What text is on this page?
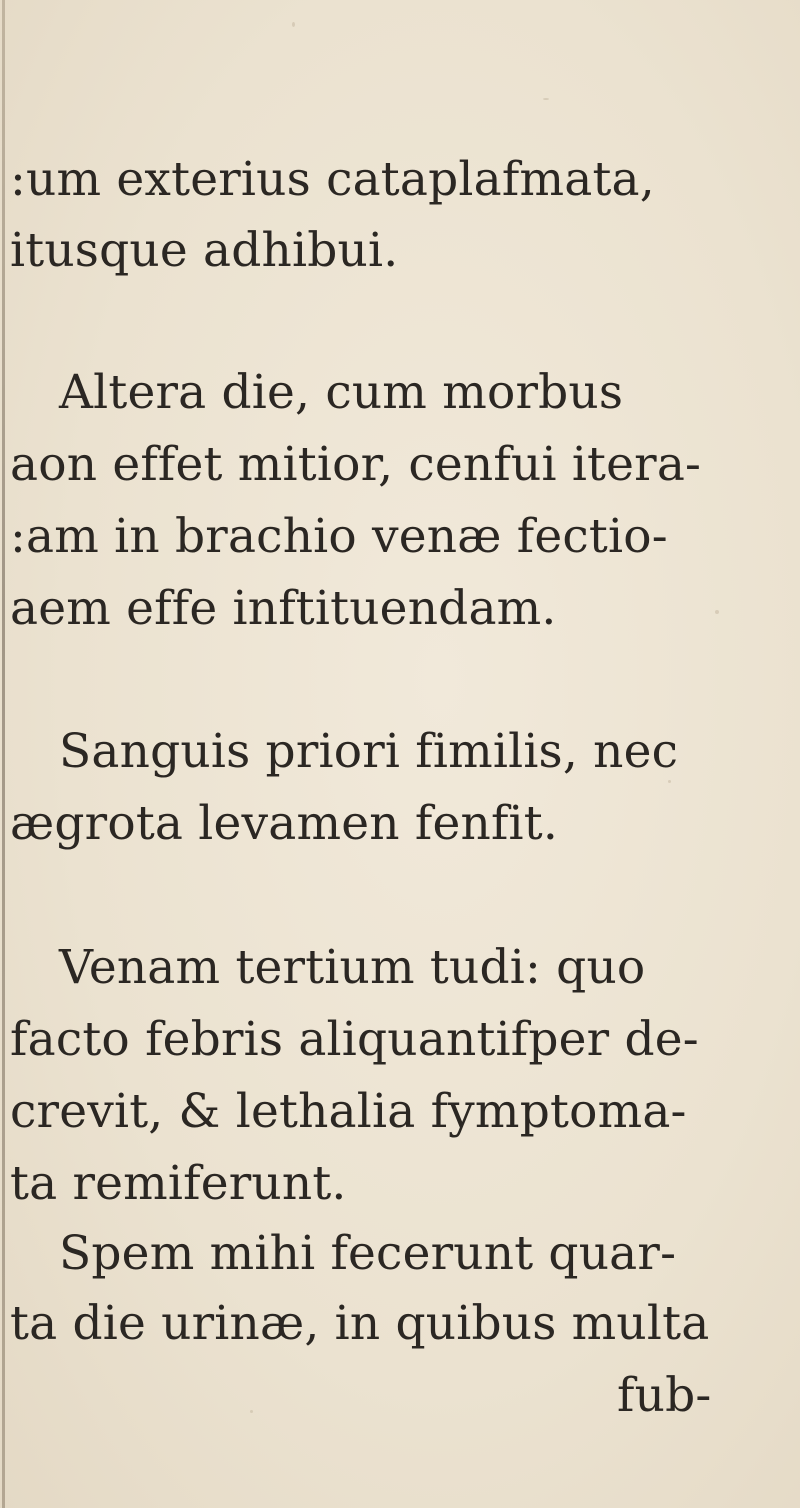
:um exterius cataplafmata,
itusque adhibui.
Altera die, cum morbus
aon effet mitior, cenfui itera-
:am in brachio venæ fectio-
aem effe inftituendam.
Sanguis priori fimilis, nec
ægrota levamen fenfit.
Venam tertium tudi: quo
facto febris aliquantifper de-
crevit, & lethalia fymptoma-
ta remiferunt.
Spem mihi fecerunt quar-
ta die urinæ, in quibus multa
fub-
